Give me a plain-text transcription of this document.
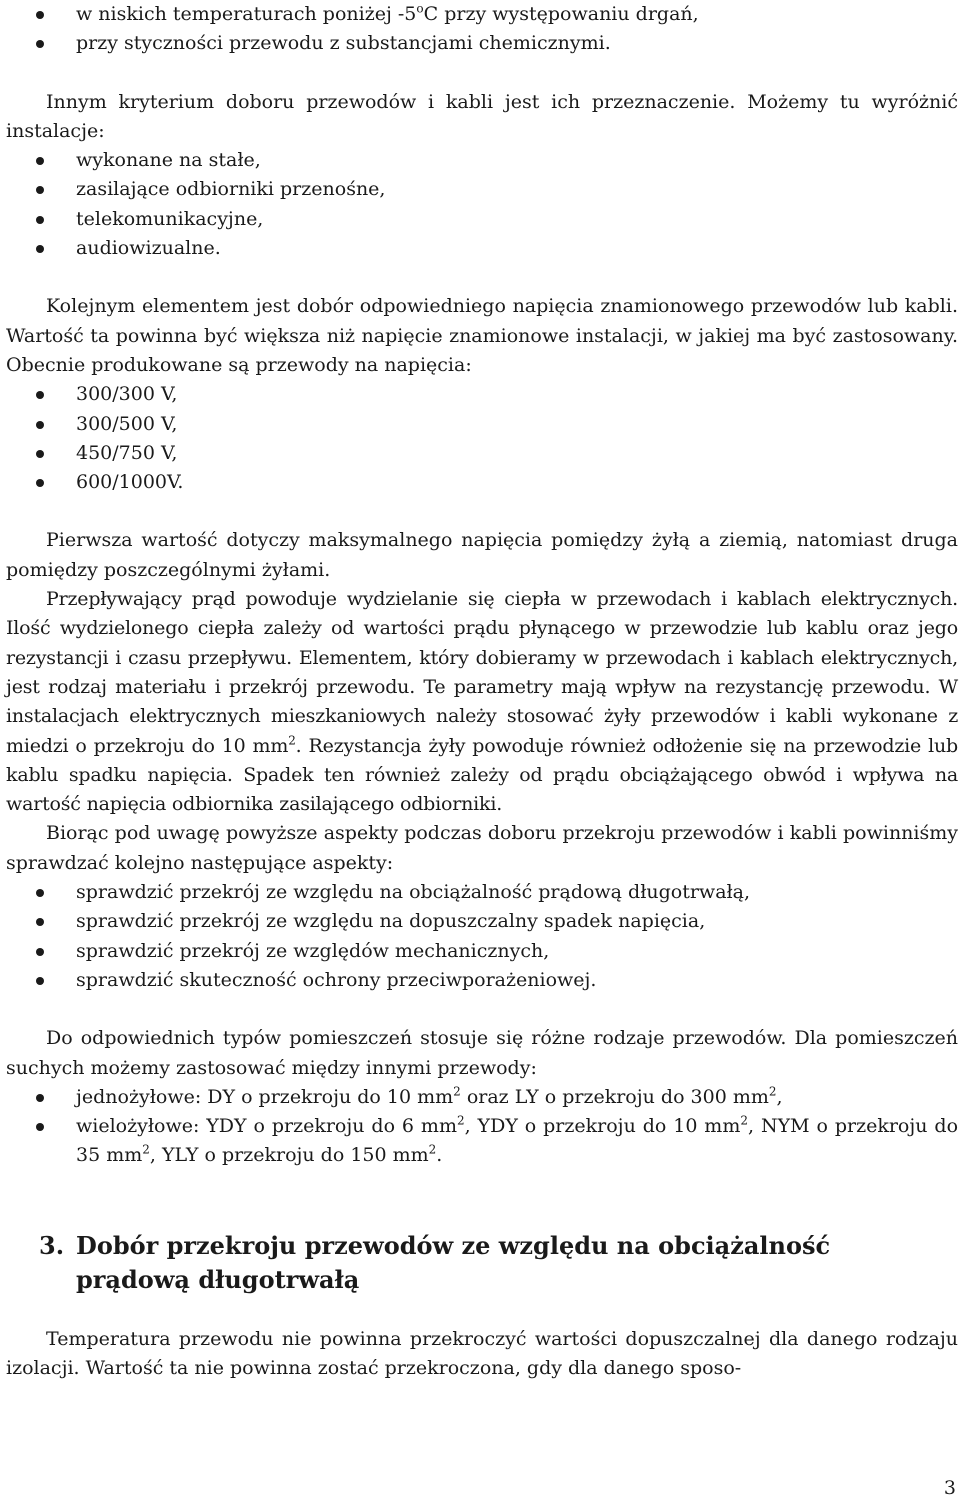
w niskich temperaturach poniżej -5$^o$C przy występowaniu drgań,
przy styczności przewodu z substancjami chemicznymi.

Innym kryterium doboru przewodów i kabli jest ich przeznaczenie. Możemy tu wyróżnić instalacje:

wykonane na stałe,
zasilające odbiorniki przenośne,
telekomunikacyjne,
audiowizualne.

Kolejnym elementem jest dobór odpowiedniego napięcia znamionowego przewodów lub kabli. Wartość ta powinna być większa niż napięcie znamionowe instalacji, w jakiej ma być zastosowany. Obecnie produkowane są przewody na napięcia:

300/300 V,
300/500 V,
450/750 V,
600/1000V.

Pierwsza wartość dotyczy maksymalnego napięcia pomiędzy żyłą a ziemią, natomiast druga pomiędzy poszczególnymi żyłami.

Przepływający prąd powoduje wydzielanie się ciepła w przewodach i kablach elektrycznych. Ilość wydzielonego ciepła zależy od wartości prądu płynącego w przewodzie lub kablu oraz jego rezystancji i czasu przepływu. Elementem, który dobieramy w przewodach i kablach elektrycznych, jest rodzaj materiału i przekrój przewodu. Te parametry mają wpływ na rezystancję przewodu. W instalacjach elektrycznych mieszkaniowych należy stosować żyły przewodów i kabli wykonane z miedzi o przekroju do 10 $mm^2$. Rezystancja żyły powoduje również odłożenie się na przewodzie lub kablu spadku napięcia. Spadek ten również zależy od prądu obciążającego obwód i wpływa na wartość napięcia odbiornika zasilającego odbiorniki.

Biorąc pod uwagę powyższe aspekty podczas doboru przekroju przewodów i kabli powinniśmy sprawdzać kolejno następujące aspekty:

sprawdzić przekrój ze względu na obciążalność prądową długotrwałą,
sprawdzić przekrój ze względu na dopuszczalny spadek napięcia,
sprawdzić przekrój ze względów mechanicznych,
sprawdzić skuteczność ochrony przeciwporażeniowej.

Do odpowiednich typów pomieszczeń stosuje się różne rodzaje przewodów. Dla pomieszczeń suchych możemy zastosować między innymi przewody:

jednożyłowe: DY o przekroju do 10 $mm^2$ oraz LY o przekroju do 300 $mm^2$,
wielożyłowe: YDY o przekroju do 6 $mm^2$, YDY o przekroju do 10 $mm^2$, NYM o przekroju do 35 $mm^2$, YLY o przekroju do 150 $mm^2$.
3. Dobór przekroju przewodów ze względu na obciążalność prądową długotrwałą

Temperatura przewodu nie powinna przekroczyć wartości dopuszczalnej dla danego rodzaju izolacji. Wartość ta nie powinna zostać przekroczona, gdy dla danego sposo-

3
